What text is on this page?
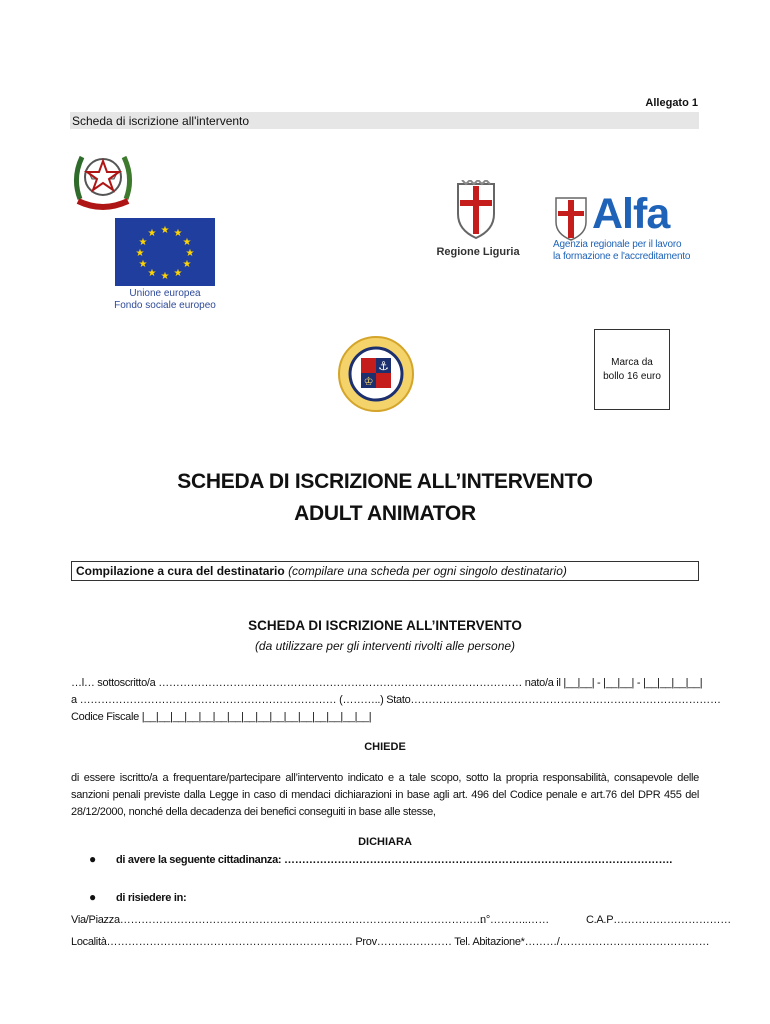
Allegato 1
Scheda di iscrizione all'intervento
★ ★
★
★
★
★
★
★
★
★
★
★
Unione europea
Fondo sociale europeo
Regione Liguria
Alfa
Agenzia regionale per il lavoro
la formazione e l'accreditamento
⚓
♔
Marca da
bollo 16 euro
SCHEDA DI ISCRIZIONE ALL’INTERVENTO
ADULT ANIMATOR
Compilazione a cura del destinatario (compilare una scheda per ogni singolo destinatario)
SCHEDA DI ISCRIZIONE ALL’INTERVENTO
(da utilizzare per gli interventi rivolti alle persone)
…l… sottoscritto/a ………………………………………………………………………………………… nato/a il |__|__| - |__|__| - |__|__|__|__|
a ……………………………………………………………… (………..) Stato……………………………………………………………………………
Codice Fiscale |__|__|__|__|__|__|__|__|__|__|__|__|__|__|__|__|
CHIEDE
di essere iscritto/a a frequentare/partecipare all’intervento indicato e a tale scopo, sotto la propria responsabilità, consapevole delle sanzioni penali previste dalla Legge in caso di mendaci dichiarazioni in base agli art. 496 del Codice penale e art.76 del DPR 455 del 28/12/2000, nonché della decadenza dei benefici conseguiti in base alle stesse,
DICHIARA
● di avere la seguente cittadinanza: ……………………………………………………………………………………………….
● di risiedere in:
Via/Piazza…………………………………………………………………………………………
n°………..……	C.A.P……………………………
Località…………………………………………………………… Prov………………… Tel. Abitazione*………/……………………………………
